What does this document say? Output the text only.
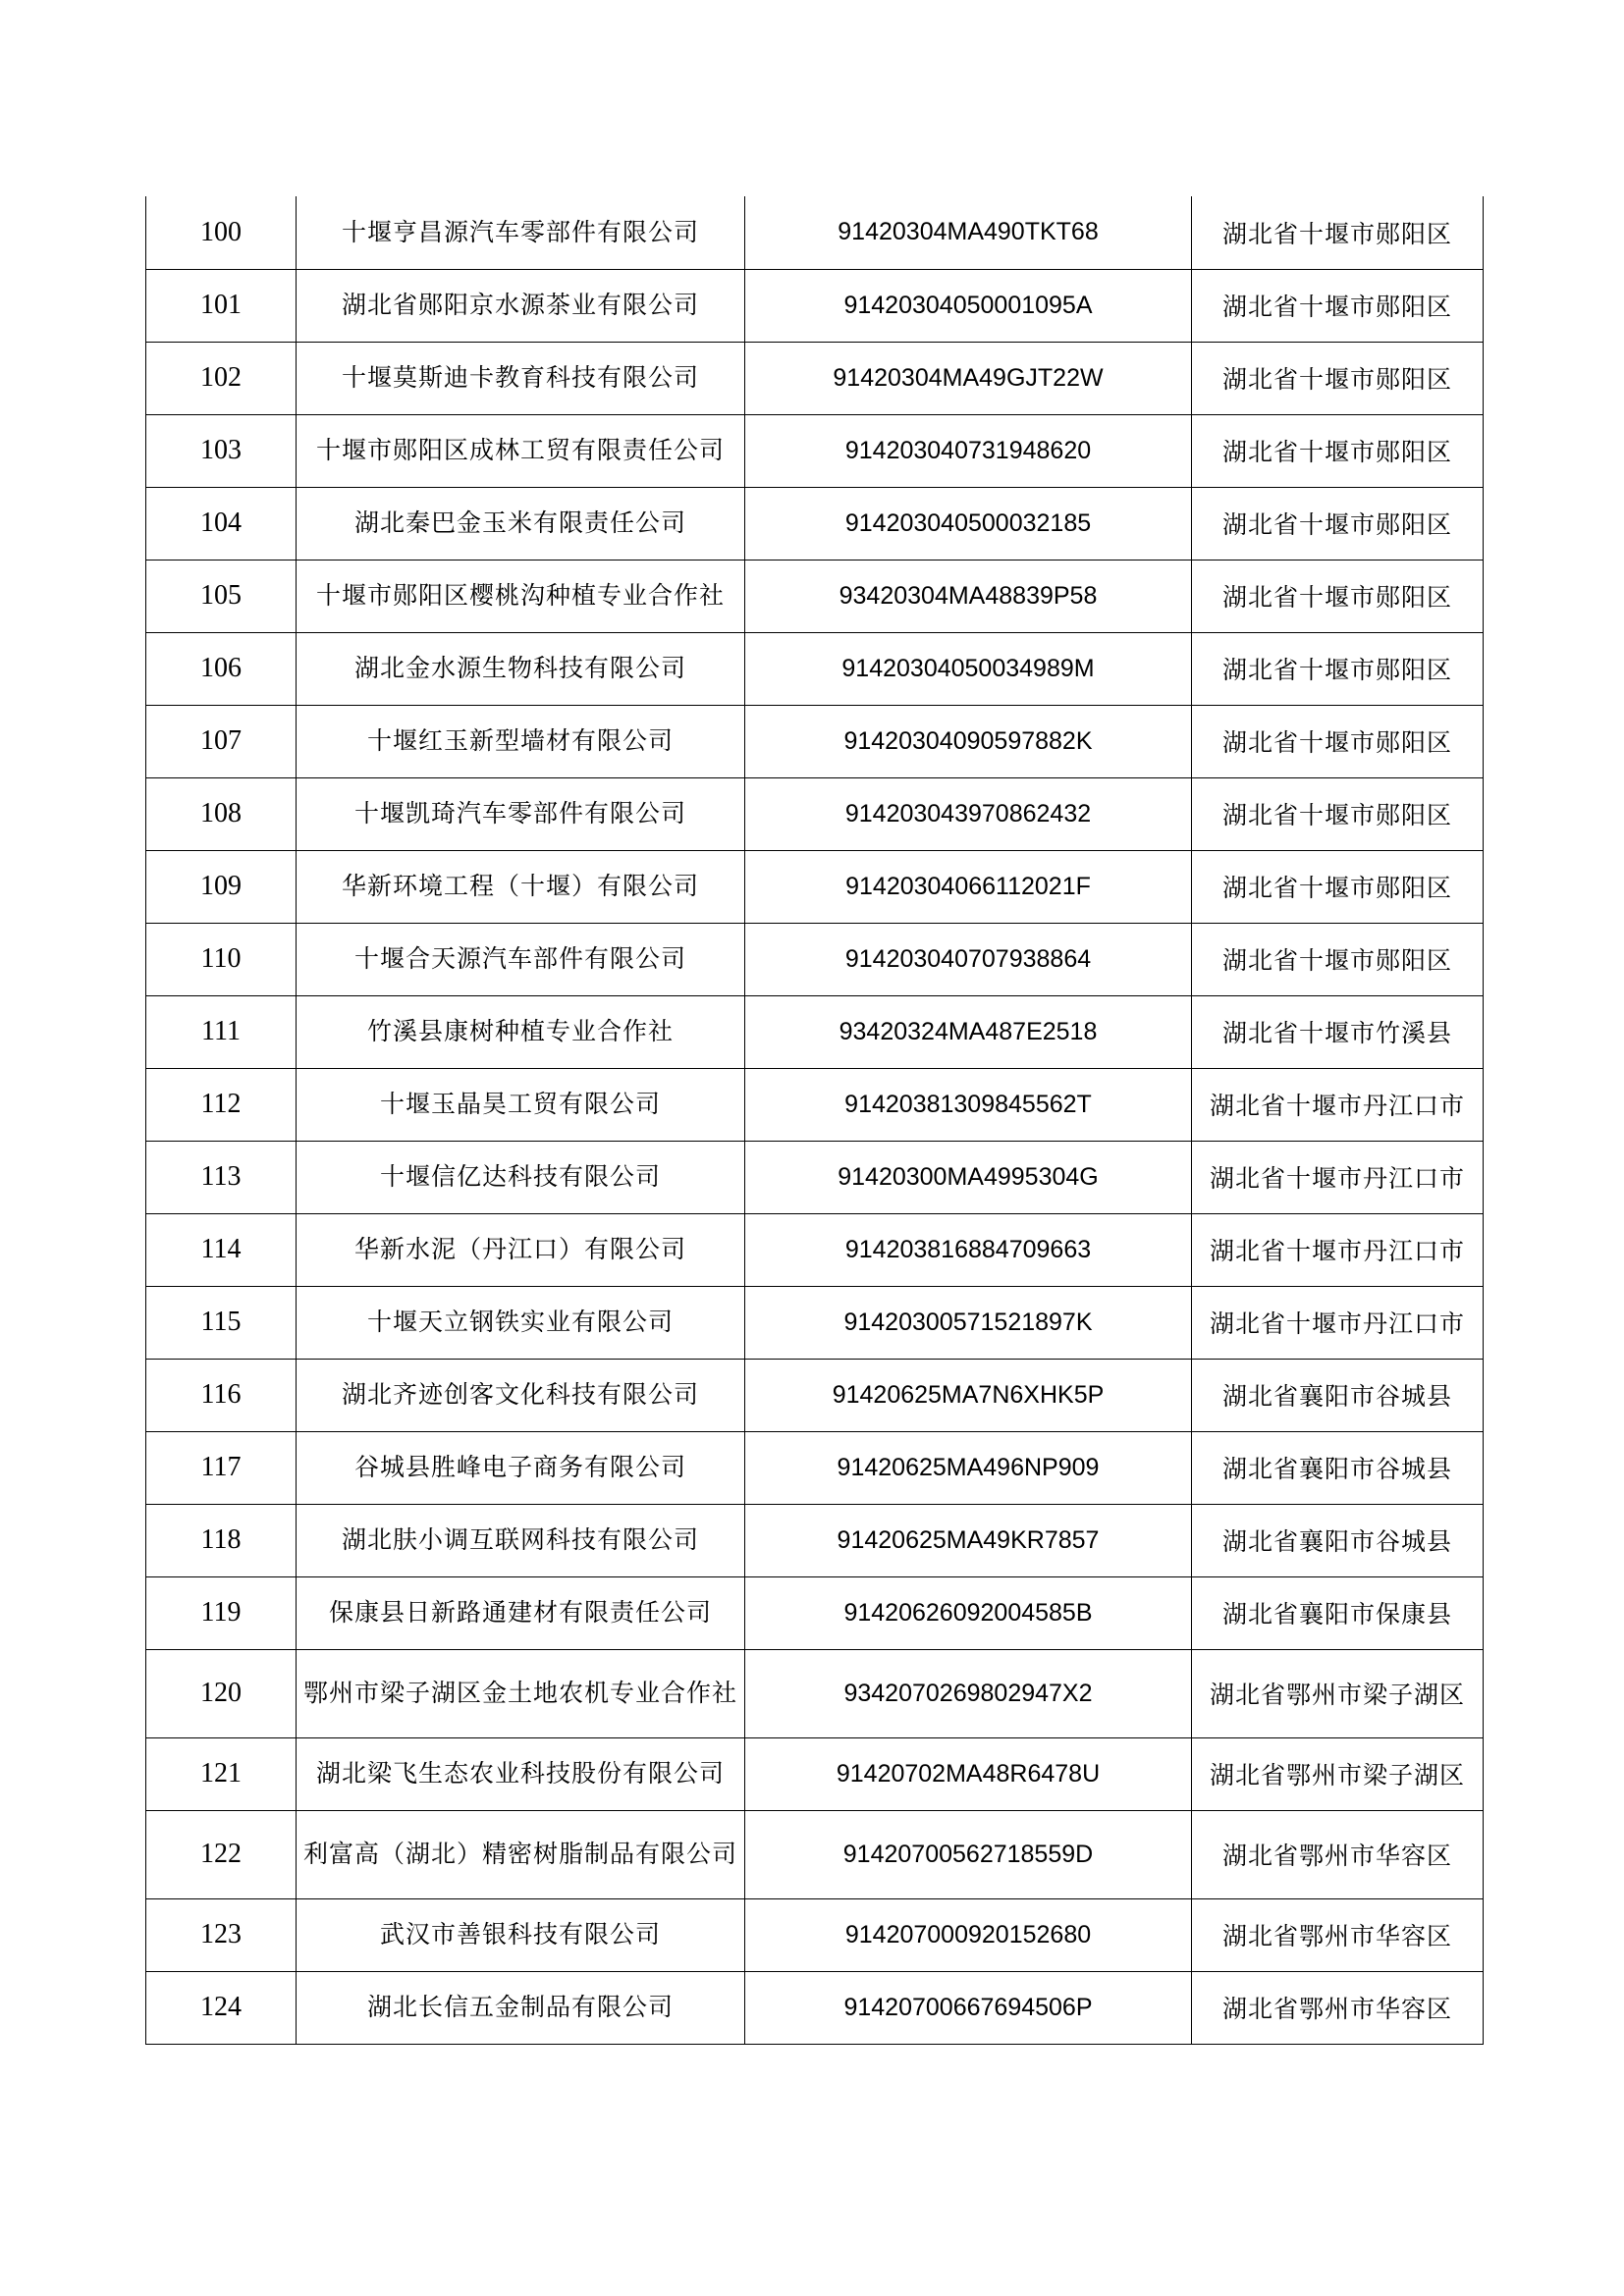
100	十堰亨昌源汽车零部件有限公司	91420304MA490TKT68	湖北省十堰市郧阳区
101	湖北省郧阳京水源茶业有限公司	91420304050001095A	湖北省十堰市郧阳区
102	十堰莫斯迪卡教育科技有限公司	91420304MA49GJT22W	湖北省十堰市郧阳区
103	十堰市郧阳区成林工贸有限责任公司	914203040731948620	湖北省十堰市郧阳区
104	湖北秦巴金玉米有限责任公司	914203040500032185	湖北省十堰市郧阳区
105	十堰市郧阳区樱桃沟种植专业合作社	93420304MA48839P58	湖北省十堰市郧阳区
106	湖北金水源生物科技有限公司	91420304050034989M	湖北省十堰市郧阳区
107	十堰红玉新型墙材有限公司	91420304090597882K	湖北省十堰市郧阳区
108	十堰凯琦汽车零部件有限公司	914203043970862432	湖北省十堰市郧阳区
109	华新环境工程（十堰）有限公司	91420304066112021F	湖北省十堰市郧阳区
110	十堰合天源汽车部件有限公司	914203040707938864	湖北省十堰市郧阳区
111	竹溪县康树种植专业合作社	93420324MA487E2518	湖北省十堰市竹溪县
112	十堰玉晶昊工贸有限公司	91420381309845562T	湖北省十堰市丹江口市
113	十堰信亿达科技有限公司	91420300MA4995304G	湖北省十堰市丹江口市
114	华新水泥（丹江口）有限公司	914203816884709663	湖北省十堰市丹江口市
115	十堰天立钢铁实业有限公司	91420300571521897K	湖北省十堰市丹江口市
116	湖北齐迹创客文化科技有限公司	91420625MA7N6XHK5P	湖北省襄阳市谷城县
117	谷城县胜峰电子商务有限公司	91420625MA496NP909	湖北省襄阳市谷城县
118	湖北肤小调互联网科技有限公司	91420625MA49KR7857	湖北省襄阳市谷城县
119	保康县日新路通建材有限责任公司	91420626092004585B	湖北省襄阳市保康县
120	鄂州市梁子湖区金土地农机专业合作社	934207026980294​7X2	湖北省鄂州市梁子湖区
121	湖北梁飞生态农业科技股份有限公司	91420702MA48R6478U	湖北省鄂州市梁子湖区
122	利富高（湖北）精密树脂制品有限公司	91420700562718559D	湖北省鄂州市华容区
123	武汉市善银科技有限公司	914207000920152680	湖北省鄂州市华容区
124	湖北长信五金制品有限公司	91420700667694506P	湖北省鄂州市华容区
